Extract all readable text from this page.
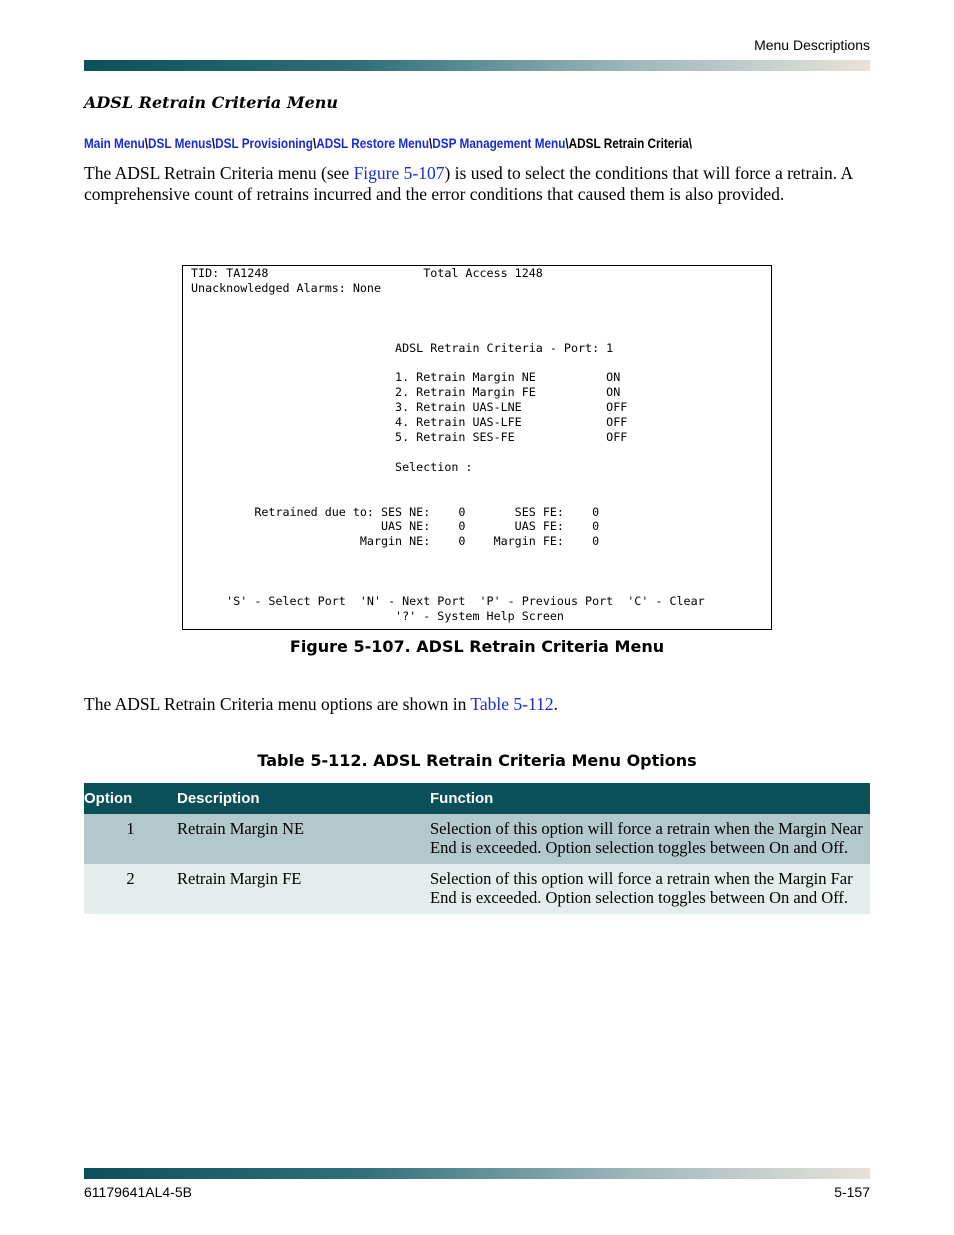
Menu Descriptions
ADSL Retrain Criteria Menu
Main Menu\DSL Menus\DSL Provisioning\ADSL Restore Menu\DSP Management Menu\ADSL Retrain Criteria\
The ADSL Retrain Criteria menu (see Figure 5-107) is used to select the conditions that will force a retrain. A comprehensive count of retrains incurred and the error conditions that caused them is also provided.
TID: TA1248                      Total Access 1248
Unacknowledged Alarms: None

ADSL Retrain Criteria - Port: 1

1. Retrain Margin NE          ON
2. Retrain Margin FE          ON
3. Retrain UAS-LNE            OFF
4. Retrain UAS-LFE            OFF
5. Retrain SES-FE             OFF

Selection :

Retrained due to: SES NE:    0       SES FE:    0
UAS NE:    0       UAS FE:    0
Margin NE:    0    Margin FE:    0

'S' - Select Port  'N' - Next Port  'P' - Previous Port  'C' - Clear
'?' - System Help Screen
Figure 5-107. ADSL Retrain Criteria Menu
The ADSL Retrain Criteria menu options are shown in Table 5-112.
Table 5-112. ADSL Retrain Criteria Menu Options
Option	Description	Function
1	Retrain Margin NE	Selection of this option will force a retrain when the Margin Near End is exceeded. Option selection toggles between On and Off.
2	Retrain Margin FE	Selection of this option will force a retrain when the Margin Far End is exceeded. Option selection toggles between On and Off.
61179641AL4-5B	5-157
